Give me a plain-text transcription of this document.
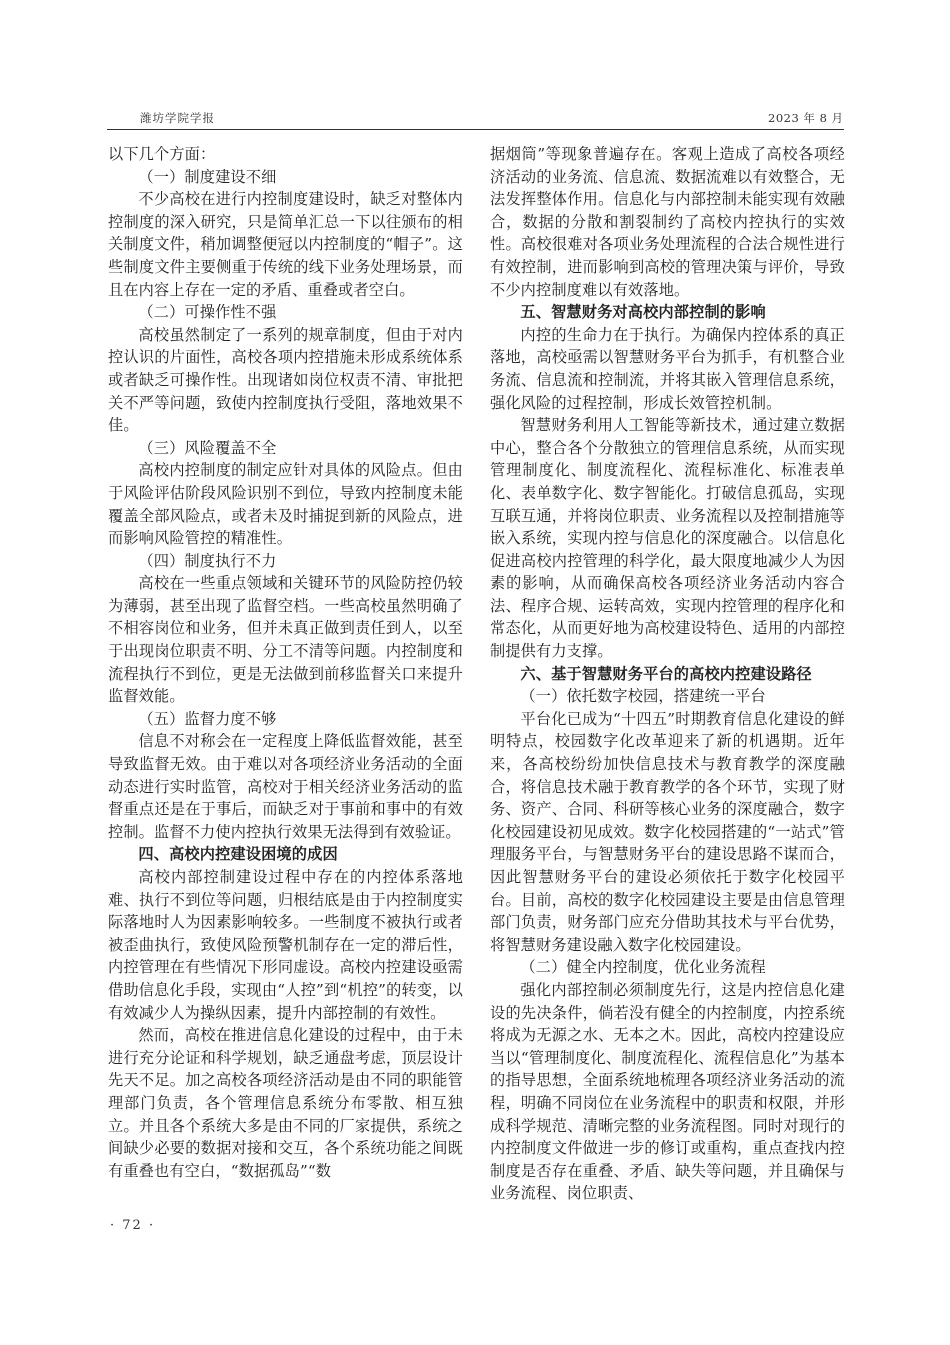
潍坊学院学报	2023 年 8 月

以下几个方面：

（一）制度建设不细

不少高校在进行内控制度建设时，缺乏对整体内控制度的深入研究，只是简单汇总一下以往颁布的相关制度文件，稍加调整便冠以内控制度的“帽子”。这些制度文件主要侧重于传统的线下业务处理场景，而且在内容上存在一定的矛盾、重叠或者空白。

（二）可操作性不强

高校虽然制定了一系列的规章制度，但由于对内控认识的片面性，高校各项内控措施未形成系统体系或者缺乏可操作性。出现诸如岗位权责不清、审批把关不严等问题，致使内控制度执行受阻，落地效果不佳。

（三）风险覆盖不全

高校内控制度的制定应针对具体的风险点。但由于风险评估阶段风险识别不到位，导致内控制度未能覆盖全部风险点，或者未及时捕捉到新的风险点，进而影响风险管控的精准性。

（四）制度执行不力

高校在一些重点领域和关键环节的风险防控仍较为薄弱，甚至出现了监督空档。一些高校虽然明确了不相容岗位和业务，但并未真正做到责任到人，以至于出现岗位职责不明、分工不清等问题。内控制度和流程执行不到位，更是无法做到前移监督关口来提升监督效能。

（五）监督力度不够

信息不对称会在一定程度上降低监督效能，甚至导致监督无效。由于难以对各项经济业务活动的全面动态进行实时监管，高校对于相关经济业务活动的监督重点还是在于事后，而缺乏对于事前和事中的有效控制。监督不力使内控执行效果无法得到有效验证。

四、高校内控建设困境的成因

高校内部控制建设过程中存在的内控体系落地难、执行不到位等问题，归根结底是由于内控制度实际落地时人为因素影响较多。一些制度不被执行或者被歪曲执行，致使风险预警机制存在一定的滞后性，内控管理在有些情况下形同虚设。高校内控建设亟需借助信息化手段，实现由“人控”到“机控”的转变，以有效减少人为操纵因素，提升内部控制的有效性。

然而，高校在推进信息化建设的过程中，由于未进行充分论证和科学规划，缺乏通盘考虑，顶层设计先天不足。加之高校各项经济活动是由不同的职能管理部门负责，各个管理信息系统分布零散、相互独立。并且各个系统大多是由不同的厂家提供，系统之间缺少必要的数据对接和交互，各个系统功能之间既有重叠也有空白，“数据孤岛”“数

据烟筒”等现象普遍存在。客观上造成了高校各项经济活动的业务流、信息流、数据流难以有效整合，无法发挥整体作用。信息化与内部控制未能实现有效融合，数据的分散和割裂制约了高校内控执行的实效性。高校很难对各项业务处理流程的合法合规性进行有效控制，进而影响到高校的管理决策与评价，导致不少内控制度难以有效落地。

五、智慧财务对高校内部控制的影响

内控的生命力在于执行。为确保内控体系的真正落地，高校亟需以智慧财务平台为抓手，有机整合业务流、信息流和控制流，并将其嵌入管理信息系统，强化风险的过程控制，形成长效管控机制。

智慧财务利用人工智能等新技术，通过建立数据中心，整合各个分散独立的管理信息系统，从而实现管理制度化、制度流程化、流程标准化、标准表单化、表单数字化、数字智能化。打破信息孤岛，实现互联互通，并将岗位职责、业务流程以及控制措施等嵌入系统，实现内控与信息化的深度融合。以信息化促进高校内控管理的科学化，最大限度地减少人为因素的影响，从而确保高校各项经济业务活动内容合法、程序合规、运转高效，实现内控管理的程序化和常态化，从而更好地为高校建设特色、适用的内部控制提供有力支撑。

六、基于智慧财务平台的高校内控建设路径

（一）依托数字校园，搭建统一平台

平台化已成为“十四五”时期教育信息化建设的鲜明特点，校园数字化改革迎来了新的机遇期。近年来，各高校纷纷加快信息技术与教育教学的深度融合，将信息技术融于教育教学的各个环节，实现了财务、资产、合同、科研等核心业务的深度融合，数字化校园建设初见成效。数字化校园搭建的“一站式”管理服务平台，与智慧财务平台的建设思路不谋而合，因此智慧财务平台的建设必须依托于数字化校园平台。目前，高校的数字化校园建设主要是由信息管理部门负责，财务部门应充分借助其技术与平台优势，将智慧财务建设融入数字化校园建设。

（二）健全内控制度，优化业务流程

强化内部控制必须制度先行，这是内控信息化建设的先决条件，倘若没有健全的内控制度，内控系统将成为无源之水、无本之木。因此，高校内控建设应当以“管理制度化、制度流程化、流程信息化”为基本的指导思想，全面系统地梳理各项经济业务活动的流程，明确不同岗位在业务流程中的职责和权限，并形成科学规范、清晰完整的业务流程图。同时对现行的内控制度文件做进一步的修订或重构，重点查找内控制度是否存在重叠、矛盾、缺失等问题，并且确保与业务流程、岗位职责、

· 72 ·
